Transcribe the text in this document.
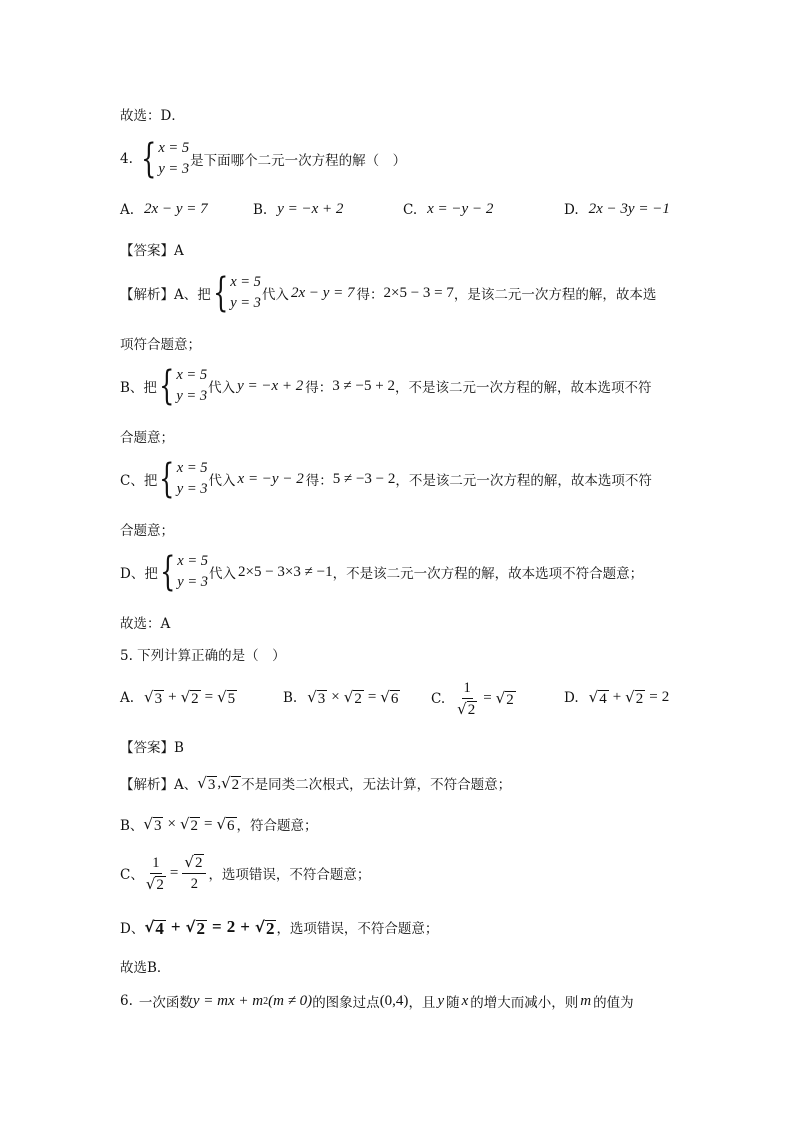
故选：D．
4. { x = 5
y = 3 是下面哪个二元一次方程的解（　）
A. 2x − y = 7	B. y = −x + 2	C. x = −y − 2	D. 2x − 3y = −1
【答案】A
【解析】A、把 { x = 5
y = 3 代入 2x − y = 7 得： 2×5 − 3 = 7 ，是该二元一次方程的解，故本选
项符合题意；
B、把 { x = 5
y = 3 代入 y = −x + 2 得： 3 ≠ −5 + 2 ，不是该二元一次方程的解，故本选项不符
合题意；
C、把 { x = 5
y = 3 代入 x = −y − 2 得： 5 ≠ −3 − 2 ，不是该二元一次方程的解，故本选项不符
合题意；
D、把 { x = 5
y = 3 代入 2×5 − 3×3 ≠ −1 ，不是该二元一次方程的解，故本选项不符合题意；
故选：A
5. 下列计算正确的是（　）
A. √ 3 + √ 2 = √ 5	B. √ 3 × √ 2 = √ 6 C. $\frac{1}{√ 2}$ = √ 2	D. √ 4 + √ 2 = 2
【答案】B
【解析】A、 √ 3 , √ 2 不是同类二次根式，无法计算，不符合题意；
B、 √ 3 × √ 2 = √ 6 ，符合题意；
C、 $\frac{1}{√ 2} = \frac{√ 2}{2}$ ，选项错误，不符合题意；
D、 √ 4 + √ 2 = 2 + √ 2 ，选项错误，不符合题意；
故选B．
6. 一次函数 y = mx + m 2 (m ≠ 0) 的图象过点 (0,4) ，且 y 随 x 的增大而减小，则 m 的值为
